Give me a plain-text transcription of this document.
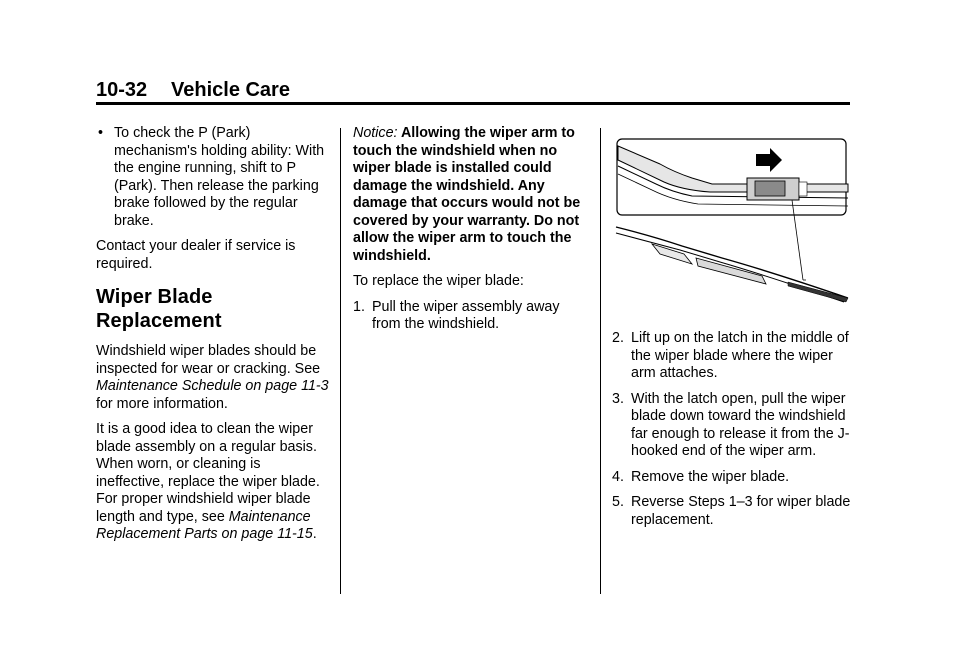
10-32 Vehicle Care
• To check the P (Park) mechanism's holding ability: With the engine running, shift to P (Park). Then release the parking brake followed by the regular brake.

Contact your dealer if service is required.

Wiper Blade Replacement

Windshield wiper blades should be inspected for wear or cracking. See Maintenance Schedule on page 11-3 for more information.

It is a good idea to clean the wiper blade assembly on a regular basis. When worn, or cleaning is ineffective, replace the wiper blade. For proper windshield wiper blade length and type, see Maintenance Replacement Parts on page 11-15.

Notice: Allowing the wiper arm to touch the windshield when no wiper blade is installed could damage the windshield. Any damage that occurs would not be covered by your warranty. Do not allow the wiper arm to touch the windshield.

To replace the wiper blade:

1. Pull the wiper assembly away from the windshield.
2. Lift up on the latch in the middle of the wiper blade where the wiper arm attaches.
3. With the latch open, pull the wiper blade down toward the windshield far enough to release it from the J-hooked end of the wiper arm.
4. Remove the wiper blade.
5. Reverse Steps 1–3 for wiper blade replacement.
